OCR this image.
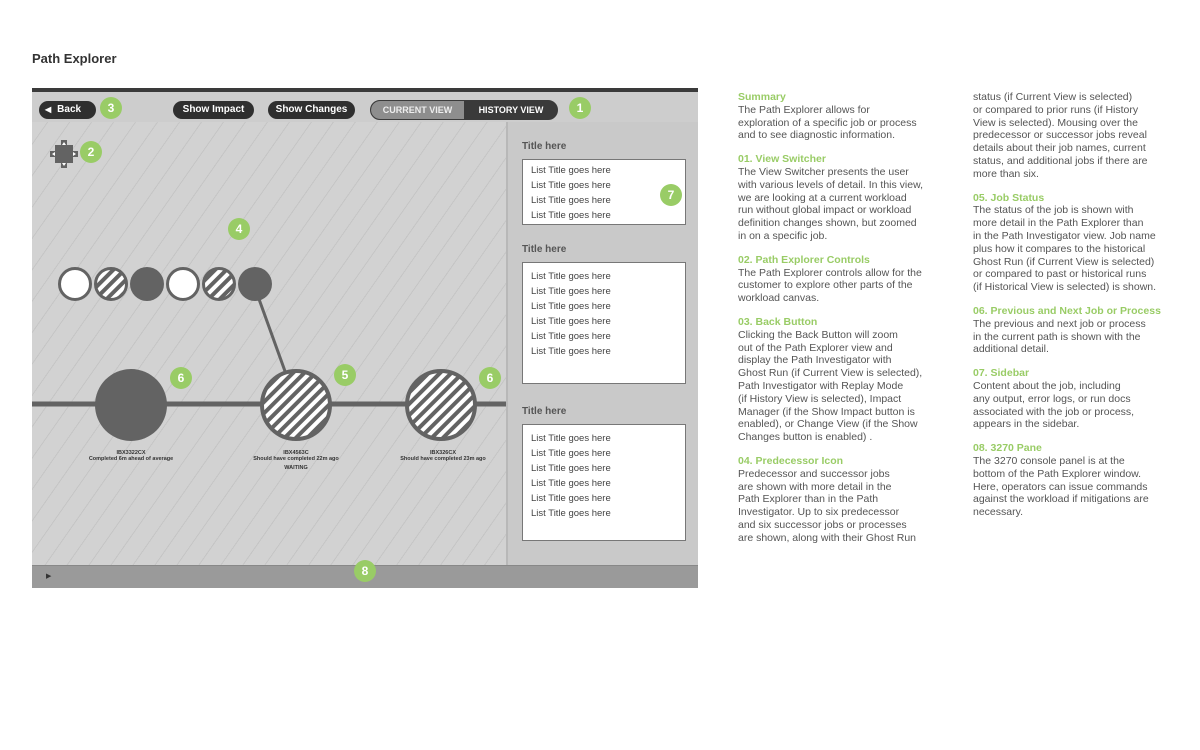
Path Explorer
◀ Back	3	Show Impact	Show Changes	CURRENT VIEW	HISTORY VIEW	1
IBX3322CX
Completed 6m ahead of average
IBX4563C
Should have completed 22m ago
WAITING
IBX326CX
Should have completed 23m ago
2
4
5
6	6
Title here
List Title goes here
List Title goes here
List Title goes here
List Title goes here
7
Title here
List Title goes here
List Title goes here
List Title goes here
List Title goes here
List Title goes here
List Title goes here
Title here
List Title goes here
List Title goes here
List Title goes here
List Title goes here
List Title goes here
List Title goes here
▶	8
Summary
The Path Explorer allows for
exploration of a specific job or process
and to see diagnostic information.
01. View Switcher
The View Switcher presents the user
with various levels of detail. In this view,
we are looking at a current workload
run without global impact or workload
definition changes shown, but zoomed
in on a specific job.
02. Path Explorer Controls
The Path Explorer controls allow for the
customer to explore other parts of the
workload canvas.
03. Back Button
Clicking the Back Button will zoom
out of the Path Explorer view and
display the Path Investigator with
Ghost Run (if Current View is selected),
Path Investigator with Replay Mode
(if History View is selected), Impact
Manager (if the Show Impact button is
enabled), or Change View (if the Show
Changes button is enabled) .
04. Predecessor Icon
Predecessor and successor jobs
are shown with more detail in the
Path Explorer than in the Path
Investigator. Up to six predecessor
and six successor jobs or processes
are shown, along with their Ghost Run
status (if Current View is selected)
or compared to prior runs (if History
View is selected). Mousing over the
predecessor or successor jobs reveal
details about their job names, current
status, and additional jobs if there are
more than six.
05. Job Status
The status of the job is shown with
more detail in the Path Explorer than
in the Path Investigator view. Job name
plus how it compares to the historical
Ghost Run (if Current View is selected)
or compared to past or historical runs
(if Historical View is selected) is shown.
06. Previous and Next Job or Process
The previous and next job or process
in the current path is shown with the
additional detail.
07. Sidebar
Content about the job, including
any output, error logs, or run docs
associated with the job or process,
appears in the sidebar.
08. 3270 Pane
The 3270 console panel is at the
bottom of the Path Explorer window.
Here, operators can issue commands
against the workload if mitigations are
necessary.
